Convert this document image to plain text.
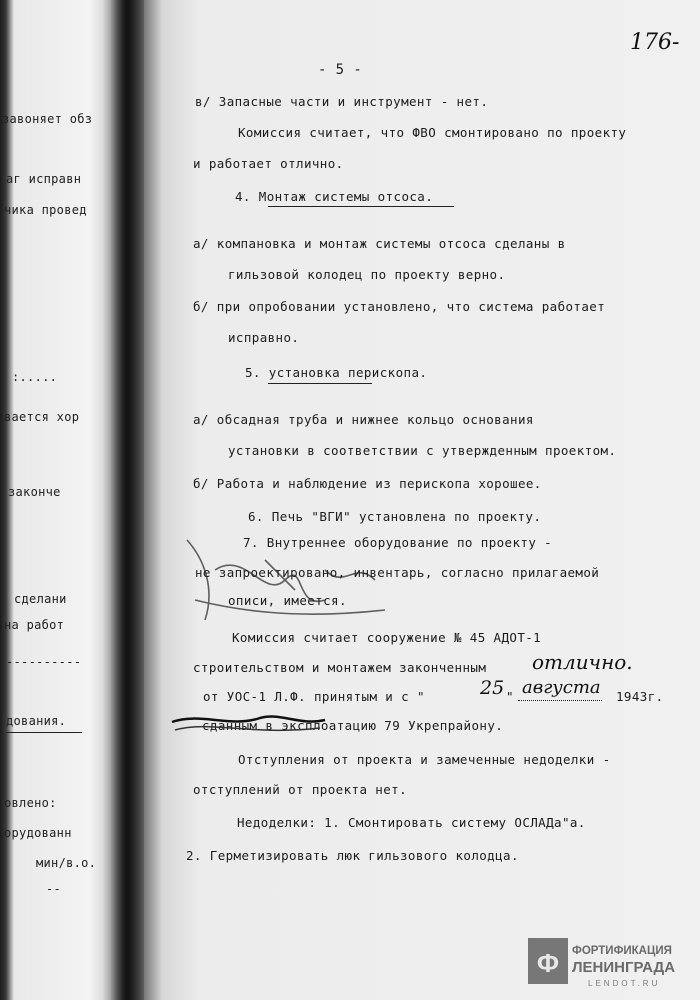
176-
- 5 -
завоняет обз
аг исправн
чика провед
:.....
вается хор
законче
сделани
на работ
----------
дования.
овлено:
орудованн
мин/в.о.
--
в/ Запасные части и инструмент - нет.
Комиссия считает, что ФВО смонтировано по проекту
и работает отлично.
4. Монтаж системы отсоса.
а/ компановка и монтаж системы отсоса сделаны в
гильзовой колодец по проекту верно.
б/ при опробовании установлено, что система работает
исправно.
5. установка перископа.
а/ обсадная труба и нижнее кольцо основания
установки в соответствии с утвержденным проектом.
б/ Работа и наблюдение из перископа хорошее.
6. Печь "ВГИ" установлена по проекту.
7. Внутреннее оборудование по проекту -
не запроектировано, инвентарь, согласно прилагаемой
описи, имеется.
Комиссия считает сооружение № 45 АДОТ-1
строительством и монтажем законченным отлично.
от УОС-1 Л.Ф. принятым и с "	25 " августа 1943г.
сданным в эксплоатацию 79 Укрепрайону.
Отступления от проекта и замеченные недоделки -
отступлений от проекта нет.
Недоделки: 1. Смонтировать систему ОСЛАДа"а.
2. Герметизировать люк гильзового колодца.
Ф ФОРТИФИКАЦИЯ
ЛЕНИНГРАДА
LENDOT.RU
